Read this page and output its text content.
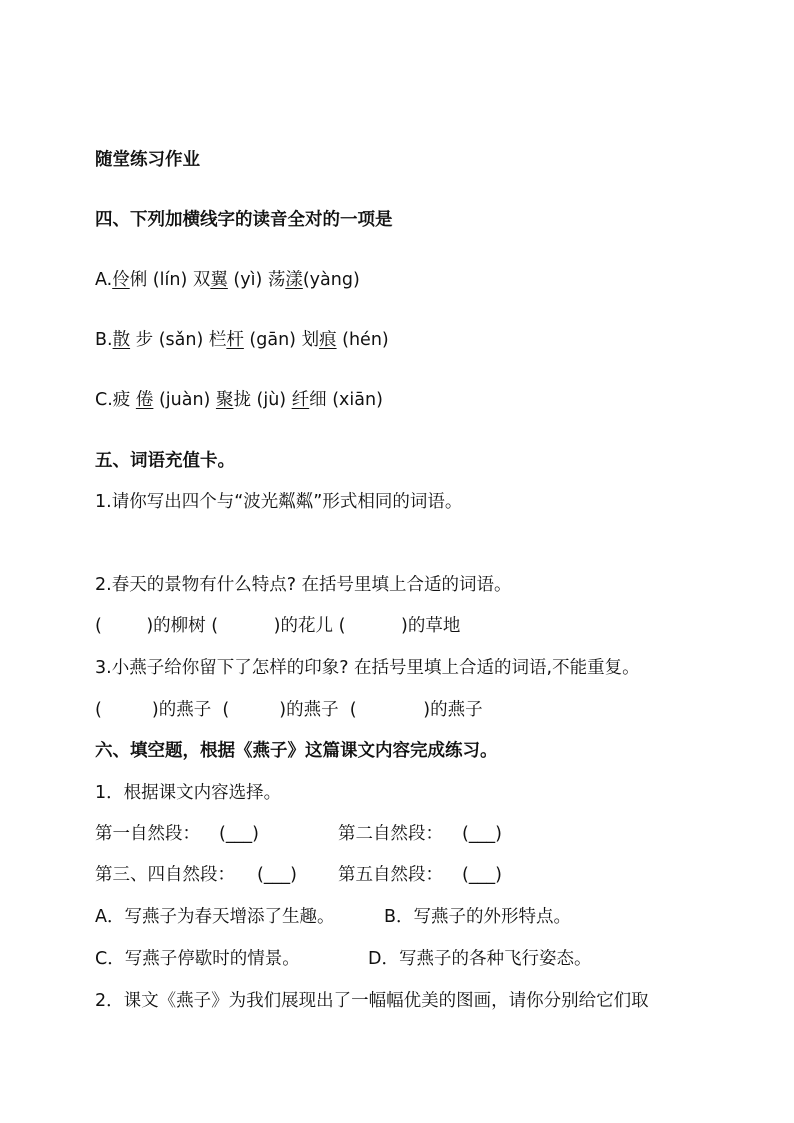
随堂练习作业
四、下列加横线字的读音全对的一项是
A.伶俐 (lín) 双翼 (yì) 荡漾(yàng)
B.散 步 (sǎn) 栏杆 (gān) 划痕 (hén)
C.疲 倦 (juàn) 聚拢 (jù) 纤细 (xiān)
五、词语充值卡。
1.请你写出四个与“波光粼粼”形式相同的词语。
2.春天的景物有什么特点? 在括号里填上合适的词语。
(        )的柳树 (          )的花儿 (          )的草地
3.小燕子给你留下了怎样的印象? 在括号里填上合适的词语,不能重复。
(         )的燕子  (         )的燕子  (            )的燕子
六、填空题，根据《燕子》这篇课文内容完成练习。
1．根据课文内容选择。
第一自然段： (___)	第二自然段： (___)
第三、四自然段： (___) 第五自然段： (___)
A．写燕子为春天增添了生趣。	B．写燕子的外形特点。
C．写燕子停歇时的情景。	D．写燕子的各种飞行姿态。
2．课文《燕子》为我们展现出了一幅幅优美的图画，请你分别给它们取
